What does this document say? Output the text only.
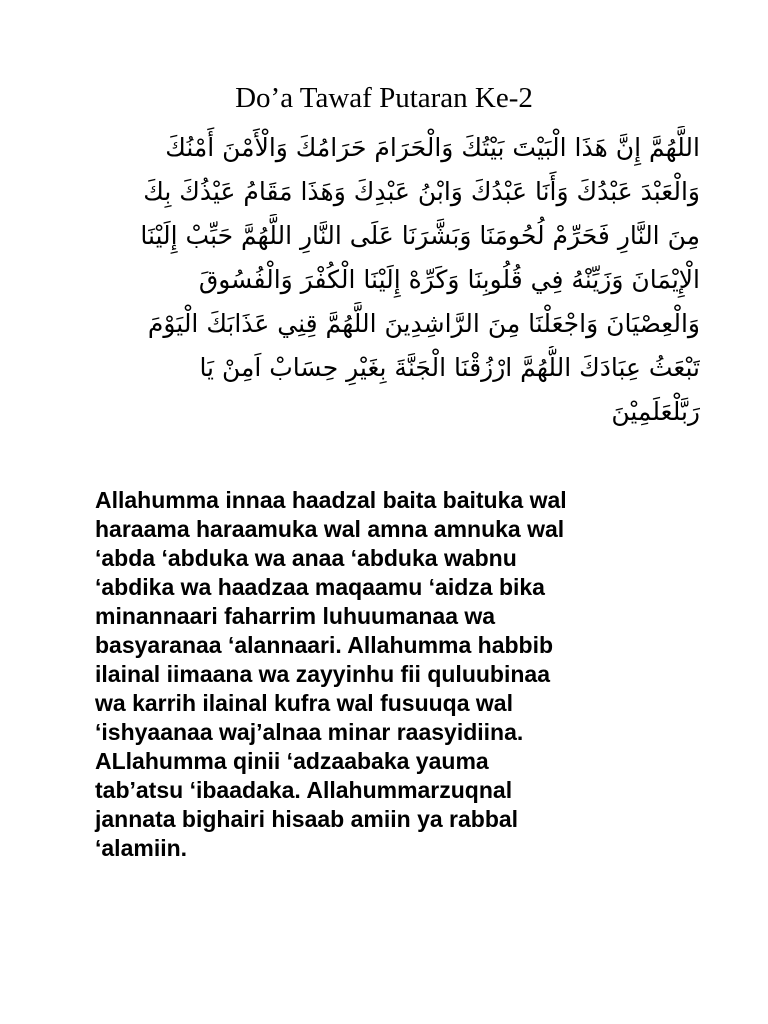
Do’a Tawaf Putaran Ke-2
اللَّهُمَّ إِنَّ هَذَا الْبَيْتَ بَيْتُكَ وَالْحَرَامَ حَرَامُكَ وَالْأَمْنَ أَمْنُكَ
وَالْعَبْدَ عَبْدُكَ وَأَنَا عَبْدُكَ وَابْنُ عَبْدِكَ وَهَذَا مَقَامُ عَيْذُكَ بِكَ
مِنَ النَّارِ فَحَرِّمْ لُحُومَنَا وَبَشَّرَنَا عَلَى النَّارِ اللَّهُمَّ حَبِّبْ إِلَيْنَا
الْإِيْمَانَ وَزَيِّنْهُ فِي قُلُوبِنَا وَكَرِّهْ إِلَيْنَا الْكُفْرَ وَالْفُسُوقَ
وَالْعِصْيَانَ وَاجْعَلْنَا مِنَ الرَّاشِدِينَ اللَّهُمَّ قِنِي عَذَابَكَ الْيَوْمَ
تَبْعَثُ عِبَادَكَ اللُّهُمَّ ارْزُقْنَا الْجَنَّةَ بِغَيْرِ حِسَابْ اَمِنْ يَا
رَبَّلْعَلَمِيْنَ
Allahumma innaa haadzal baita baituka wal
haraama haraamuka wal amna amnuka wal
‘abda ‘abduka wa anaa ‘abduka wabnu
‘abdika wa haadzaa maqaamu ‘aidza bika
minannaari faharrim luhuumanaa wa
basyaranaa ‘alannaari. Allahumma habbib
ilainal iimaana wa zayyinhu fii quluubinaa
wa karrih ilainal kufra wal fusuuqa wal
‘ishyaanaa waj’alnaa minar raasyidiina.
ALlahumma qinii ‘adzaabaka yauma
tab’atsu ‘ibaadaka. Allahummarzuqnal
jannata bighairi hisaab amiin ya rabbal
‘alamiin.
